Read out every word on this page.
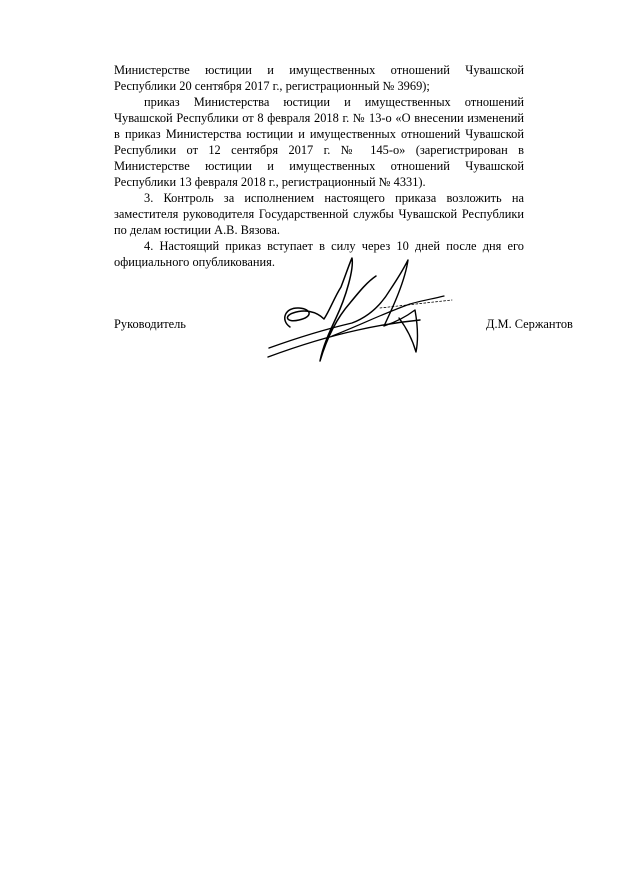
Министерстве юстиции и имущественных отношений Чувашской Республики 20 сентября 2017 г., регистрационный № 3969);

приказ Министерства юстиции и имущественных отношений Чувашской Республики от 8 февраля 2018 г. № 13-о «О внесении изменений в приказ Министерства юстиции и имущественных отношений Чувашской Республики от 12 сентября 2017 г. № 145-о» (зарегистрирован в Министерстве юстиции и имущественных отношений Чувашской Республики 13 февраля 2018 г., регистрационный № 4331).

3. Контроль за исполнением настоящего приказа возложить на заместителя руководителя Государственной службы Чувашской Республики по делам юстиции А.В. Вязова.

4. Настоящий приказ вступает в силу через 10 дней после дня его официального опубликования.

Руководитель	Д.М. Сержантов
